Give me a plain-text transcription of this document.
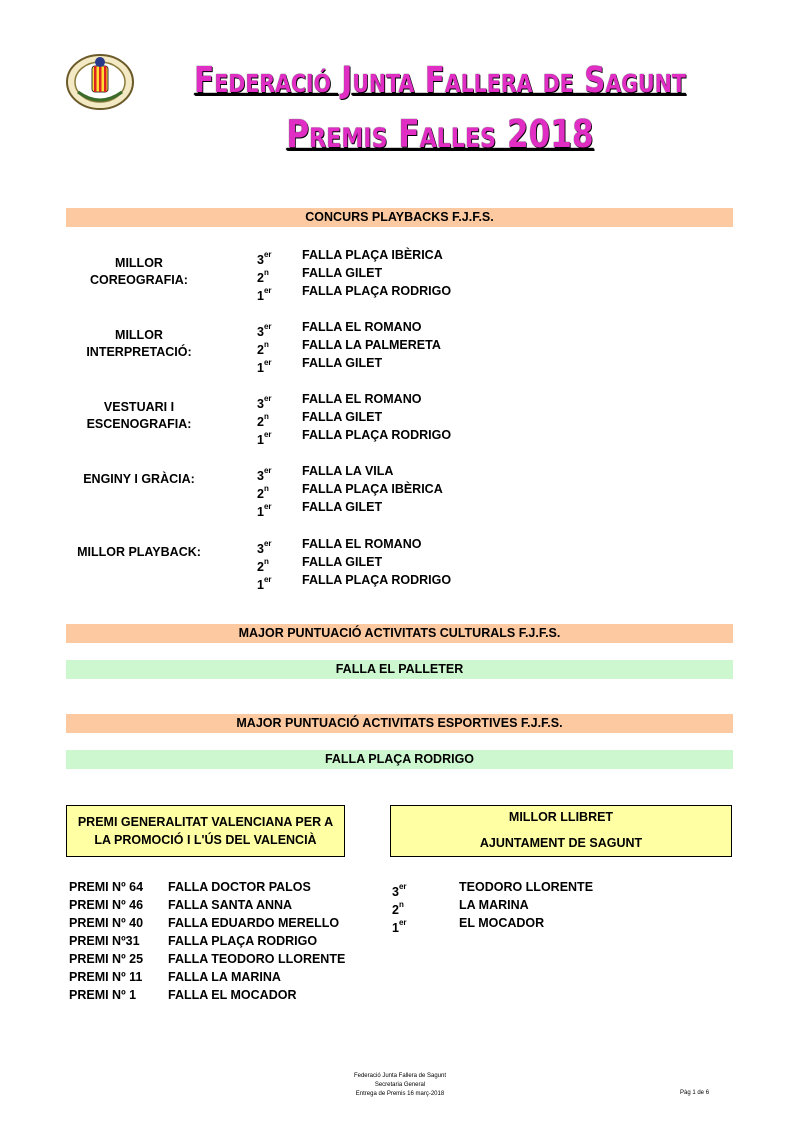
Federació Junta Fallera de Sagunt
Premis Falles 2018
CONCURS PLAYBACKS F.J.F.S.
MILLOR COREOGRAFIA:
3er	FALLA PLAÇA IBÈRICA
2$^n$	FALLA GILET
1er	FALLA PLAÇA RODRIGO
MILLOR INTERPRETACIÓ:
3er	FALLA EL ROMANO
2$^n$	FALLA LA PALMERETA
1er	FALLA GILET
VESTUARI I ESCENOGRAFIA:
3er	FALLA EL ROMANO
2$^n$	FALLA GILET
1er	FALLA PLAÇA RODRIGO
ENGINY I GRÀCIA:	3er	FALLA LA VILA
2$^n$	FALLA PLAÇA IBÈRICA
1er	FALLA GILET
MILLOR PLAYBACK:	3er	FALLA EL ROMANO
2$^n$	FALLA GILET
1er	FALLA PLAÇA RODRIGO
MAJOR PUNTUACIÓ ACTIVITATS CULTURALS F.J.F.S.
FALLA EL PALLETER
MAJOR PUNTUACIÓ ACTIVITATS ESPORTIVES F.J.F.S.
FALLA PLAÇA RODRIGO
PREMI GENERALITAT VALENCIANA PER A LA PROMOCIÓ I L'ÚS DEL VALENCIÀ
MILLOR LLIBRET
AJUNTAMENT DE SAGUNT
PREMI Nº 64 FALLA DOCTOR PALOS
PREMI Nº 46 FALLA SANTA ANNA
PREMI Nº 40 FALLA EDUARDO MERELLO
PREMI Nº31 FALLA PLAÇA RODRIGO
PREMI Nº 25 FALLA TEODORO LLORENTE
PREMI Nº 11 FALLA LA MARINA
PREMI Nº 1	FALLA EL MOCADOR
3er	TEODORO LLORENTE
2$^n$	LA MARINA
1er	EL MOCADOR
Federació Junta Fallera de Sagunt
Secretaria General
Entrega de Premis 16 març-2018	Pàg 1 de 6
